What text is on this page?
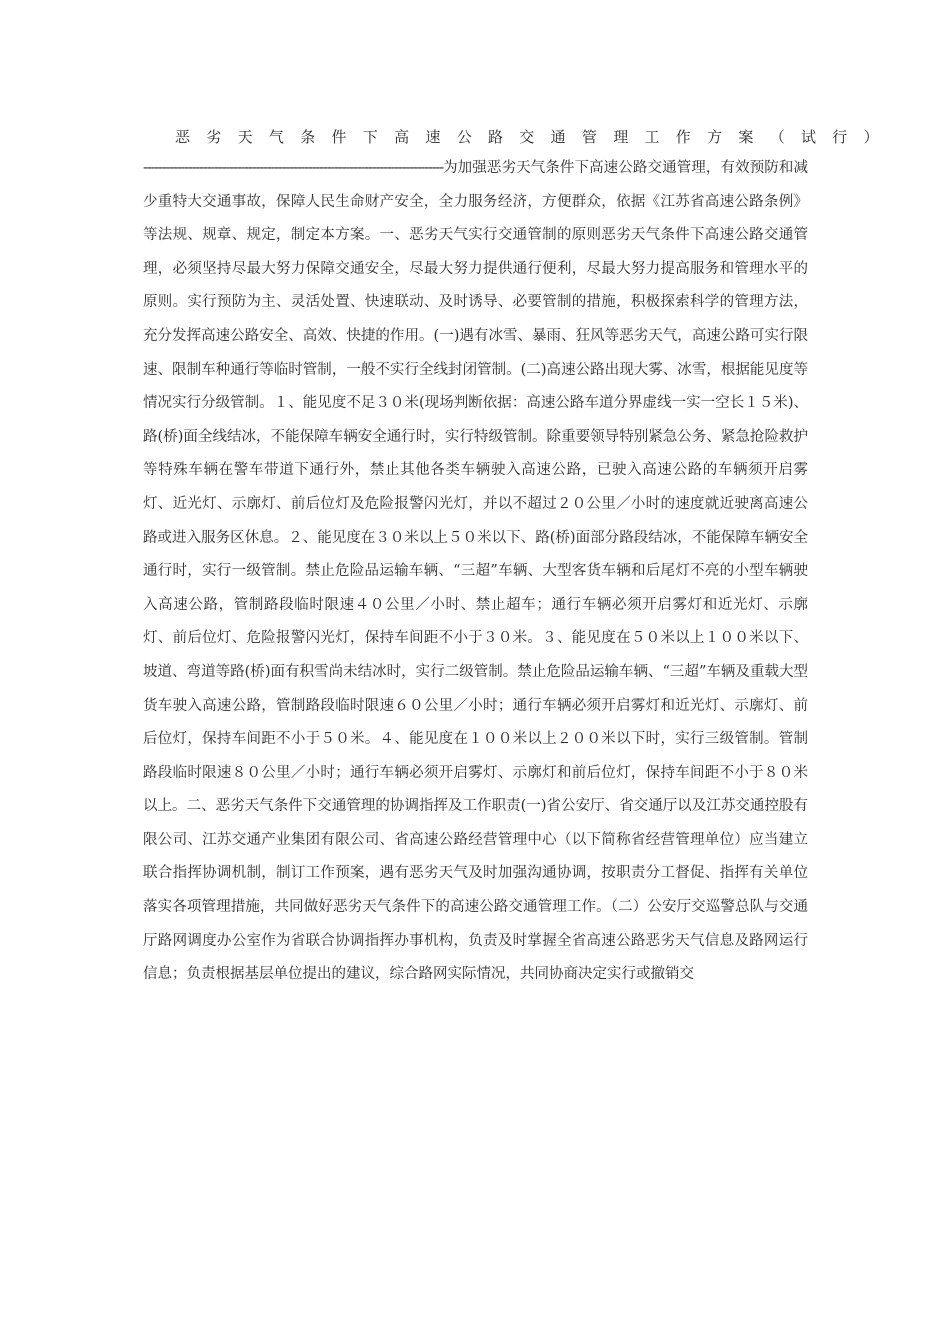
恶劣天气条件下高速公路交通管理工作方案（试行）

--------------------------------------------------------------------------------为加强恶劣天气条件下高速公路交通管理，有效预防和减少重特大交通事故，保障人民生命财产安全，全力服务经济，方便群众，依据《江苏省高速公路条例》等法规、规章、规定，制定本方案。一、恶劣天气实行交通管制的原则恶劣天气条件下高速公路交通管理，必须坚持尽最大努力保障交通安全，尽最大努力提供通行便利，尽最大努力提高服务和管理水平的原则。实行预防为主、灵活处置、快速联动、及时诱导、必要管制的措施，积极探索科学的管理方法，充分发挥高速公路安全、高效、快捷的作用。(一)遇有冰雪、暴雨、狂风等恶劣天气，高速公路可实行限速、限制车种通行等临时管制，一般不实行全线封闭管制。(二)高速公路出现大雾、冰雪，根据能见度等情况实行分级管制。１、能见度不足３０米(现场判断依据：高速公路车道分界虚线一实一空长１５米)、路(桥)面全线结冰，不能保障车辆安全通行时，实行特级管制。除重要领导特别紧急公务、紧急抢险救护等特殊车辆在警车带道下通行外，禁止其他各类车辆驶入高速公路，已驶入高速公路的车辆须开启雾灯、近光灯、示廓灯、前后位灯及危险报警闪光灯，并以不超过２０公里／小时的速度就近驶离高速公路或进入服务区休息。２、能见度在３０米以上５０米以下、路(桥)面部分路段结冰，不能保障车辆安全通行时，实行一级管制。禁止危险品运输车辆、“三超”车辆、大型客货车辆和后尾灯不亮的小型车辆驶入高速公路，管制路段临时限速４０公里／小时、禁止超车；通行车辆必须开启雾灯和近光灯、示廓灯、前后位灯、危险报警闪光灯，保持车间距不小于３０米。３、能见度在５０米以上１００米以下、坡道、弯道等路(桥)面有积雪尚未结冰时，实行二级管制。禁止危险品运输车辆、“三超”车辆及重载大型货车驶入高速公路，管制路段临时限速６０公里／小时；通行车辆必须开启雾灯和近光灯、示廓灯、前后位灯，保持车间距不小于５０米。４、能见度在１００米以上２００米以下时，实行三级管制。管制路段临时限速８０公里／小时；通行车辆必须开启雾灯、示廓灯和前后位灯，保持车间距不小于８０米以上。二、恶劣天气条件下交通管理的协调指挥及工作职责(一)省公安厅、省交通厅以及江苏交通控股有限公司、江苏交通产业集团有限公司、省高速公路经营管理中心（以下简称省经营管理单位）应当建立联合指挥协调机制，制订工作预案，遇有恶劣天气及时加强沟通协调，按职责分工督促、指挥有关单位落实各项管理措施，共同做好恶劣天气条件下的高速公路交通管理工作。（二）公安厅交巡警总队与交通厅路网调度办公室作为省联合协调指挥办事机构，负责及时掌握全省高速公路恶劣天气信息及路网运行信息；负责根据基层单位提出的建议，综合路网实际情况，共同协商决定实行或撤销交
